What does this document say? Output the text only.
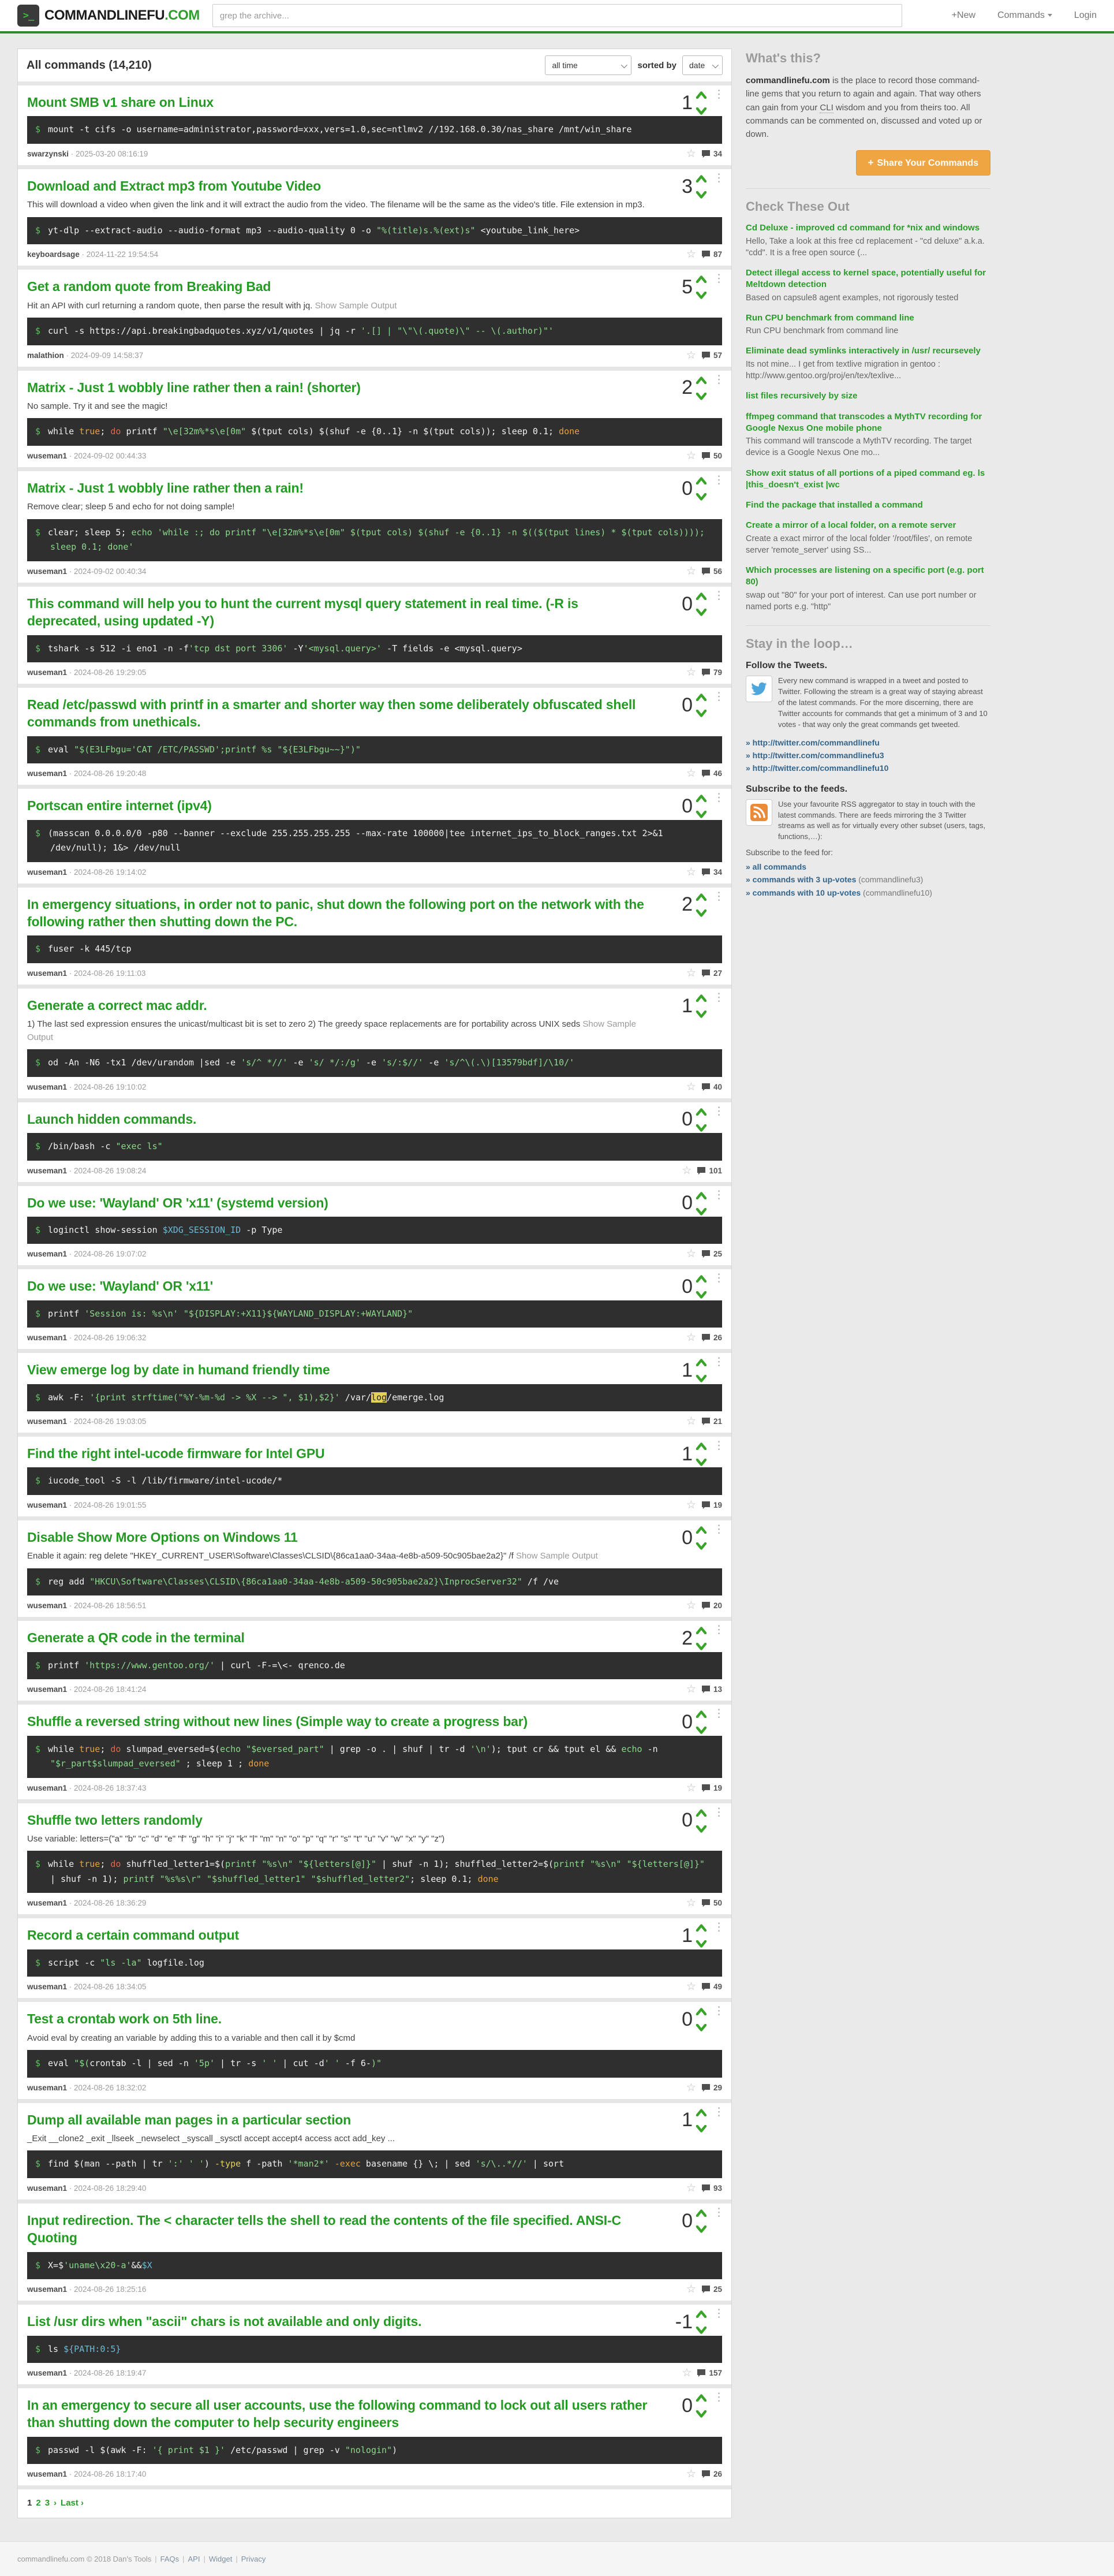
>_ COMMANDLINEFU.COM
grep the archive...	+New Commands	Login
All commands (14,210)	all time	sorted by	date
1 ⋮
Mount SMB v1 share on Linux
$ mount -t cifs -o username=administrator,password=xxx,vers=1.0,sec=ntlmv2 //192.168.0.30/nas_share /mnt/win_share
swarzynski · 2025-03-20 08:16:19	☆ 34
3 ⋮
Download and Extract mp3 from Youtube Video

This will download a video when given the link and it will extract the audio from the video. The filename will be the same as the video's title. File extension in mp3.

$ yt-dlp --extract-audio --audio-format mp3 --audio-quality 0 -o "%(title)s.%(ext)s" <youtube_link_here>
keyboardsage · 2024-11-22 19:54:54	☆ 87
5 ⋮
Get a random quote from Breaking Bad

Hit an API with curl returning a random quote, then parse the result with jq. Show Sample Output

$ curl -s https://api.breakingbadquotes.xyz/v1/quotes | jq -r '.[] | "\"\(.quote)\" -- \(.author)"'
malathion · 2024-09-09 14:58:37	☆ 57
2 ⋮
Matrix - Just 1 wobbly line rather then a rain! (shorter)

No sample. Try it and see the magic!

$ while true; do printf "\e[32m%*s\e[0m" $(tput cols) $(shuf -e {0..1} -n $(tput cols)); sleep 0.1; done
wuseman1 · 2024-09-02 00:44:33	☆ 50
0 ⋮
Matrix - Just 1 wobbly line rather then a rain!

Remove clear; sleep 5 and echo for not doing sample!

$ clear; sleep 5; echo 'while :; do printf "\e[32m%*s\e[0m" $(tput cols) $(shuf -e {0..1} -n $(($(tput lines) * $(tput cols)))); sleep 0.1; done'
wuseman1 · 2024-09-02 00:40:34	☆ 56
0 ⋮
This command will help you to hunt the current mysql query statement in real time. (-R is deprecated, using updated -Y)
$ tshark -s 512 -i eno1 -n -f'tcp dst port 3306' -Y'<mysql.query>' -T fields -e <mysql.query>
wuseman1 · 2024-08-26 19:29:05	☆ 79
0 ⋮
Read /etc/passwd with printf in a smarter and shorter way then some deliberately obfuscated shell commands from unethicals.
$ eval "$(E3LFbgu='CAT /ETC/PASSWD';printf %s "${E3LFbgu~~}")"
wuseman1 · 2024-08-26 19:20:48	☆ 46
0 ⋮
Portscan entire internet (ipv4)
$ (masscan 0.0.0.0/0 -p80 --banner --exclude 255.255.255.255 --max-rate 100000|tee internet_ips_to_block_ranges.txt 2>&1 /dev/null); 1&> /dev/null
wuseman1 · 2024-08-26 19:14:02	☆ 34
2 ⋮
In emergency situations, in order not to panic, shut down the following port on the network with the following rather then shutting down the PC.
$ fuser -k 445/tcp
wuseman1 · 2024-08-26 19:11:03	☆ 27
1 ⋮
Generate a correct mac addr.

1) The last sed expression ensures the unicast/multicast bit is set to zero 2) The greedy space replacements are for portability across UNIX seds Show Sample Output

$ od -An -N6 -tx1 /dev/urandom |sed -e 's/^ *//' -e 's/ */:/g' -e 's/:$//' -e 's/^\(.\)[13579bdf]/\10/'
wuseman1 · 2024-08-26 19:10:02	☆ 40
0 ⋮
Launch hidden commands.
$ /bin/bash -c "exec ls"
wuseman1 · 2024-08-26 19:08:24	☆ 101
0 ⋮
Do we use: 'Wayland' OR 'x11' (systemd version)
$ loginctl show-session $XDG_SESSION_ID -p Type
wuseman1 · 2024-08-26 19:07:02	☆ 25
0 ⋮
Do we use: 'Wayland' OR 'x11'
$ printf 'Session is: %s\n' "${DISPLAY:+X11}${WAYLAND_DISPLAY:+WAYLAND}"
wuseman1 · 2024-08-26 19:06:32	☆ 26
1 ⋮
View emerge log by date in humand friendly time
$ awk -F: '{print strftime("%Y-%m-%d -> %X --> ", $1),$2}' /var/log/emerge.log
wuseman1 · 2024-08-26 19:03:05	☆ 21
1 ⋮
Find the right intel-ucode firmware for Intel GPU
$ iucode_tool -S -l /lib/firmware/intel-ucode/*
wuseman1 · 2024-08-26 19:01:55	☆ 19
0 ⋮
Disable Show More Options on Windows 11

Enable it again: reg delete "HKEY_CURRENT_USER\Software\Classes\CLSID\{86ca1aa0-34aa-4e8b-a509-50c905bae2a2}" /f Show Sample Output

$ reg add "HKCU\Software\Classes\CLSID\{86ca1aa0-34aa-4e8b-a509-50c905bae2a2}\InprocServer32" /f /ve
wuseman1 · 2024-08-26 18:56:51	☆ 20
2 ⋮
Generate a QR code in the terminal
$ printf 'https://www.gentoo.org/' | curl -F-=\<- qrenco.de
wuseman1 · 2024-08-26 18:41:24	☆ 13
0 ⋮
Shuffle a reversed string without new lines (Simple way to create a progress bar)
$ while true; do slumpad_eversed=$(echo "$eversed_part" | grep -o . | shuf | tr -d '\n'); tput cr && tput el && echo -n "$r_part$slumpad_eversed" ; sleep 1 ; done
wuseman1 · 2024-08-26 18:37:43	☆ 19
0 ⋮
Shuffle two letters randomly

Use variable: letters=("a" "b" "c" "d" "e" "f" "g" "h" "i" "j" "k" "l" "m" "n" "o" "p" "q" "r" "s" "t" "u" "v" "w" "x" "y" "z")

$ while true; do shuffled_letter1=$(printf "%s\n" "${letters[@]}" | shuf -n 1); shuffled_letter2=$(printf "%s\n" "${letters[@]}" | shuf -n 1); printf "%s%s\r" "$shuffled_letter1" "$shuffled_letter2"; sleep 0.1; done
wuseman1 · 2024-08-26 18:36:29	☆ 50
1 ⋮
Record a certain command output
$ script -c "ls -la" logfile.log
wuseman1 · 2024-08-26 18:34:05	☆ 49
0 ⋮
Test a crontab work on 5th line.

Avoid eval by creating an variable by adding this to a variable and then call it by $cmd

$ eval "$(crontab -l | sed -n '5p' | tr -s ' ' | cut -d' ' -f 6-)"
wuseman1 · 2024-08-26 18:32:02	☆ 29
1 ⋮
Dump all available man pages in a particular section

_Exit __clone2 _exit _llseek _newselect _syscall _sysctl accept accept4 access acct add_key ...

$ find $(man --path | tr ':' ' ') -type f -path '*man2*' -exec basename {} \; | sed 's/\..*//' | sort
wuseman1 · 2024-08-26 18:29:40	☆ 93
0 ⋮
Input redirection. The < character tells the shell to read the contents of the file specified. ANSI-C Quoting
$ X=$'uname\x20-a'&&$X
wuseman1 · 2024-08-26 18:25:16	☆ 25
-1 ⋮
List /usr dirs when "ascii" chars is not available and only digits.
$ ls ${PATH:0:5}
wuseman1 · 2024-08-26 18:19:47	☆ 157
0 ⋮
In an emergency to secure all user accounts, use the following command to lock out all users rather than shutting down the computer to help security engineers
$ passwd -l $(awk -F: '{ print $1 }' /etc/passwd | grep -v "nologin")
wuseman1 · 2024-08-26 18:17:40	☆ 26
1 2 3 › Last ›
What's this?

commandlinefu.com is the place to record those command-line gems that you return to again and again. That way others can gain from your CLI wisdom and you from theirs too. All commands can be commented on, discussed and voted up or down.

+ Share Your Commands
Check These Out
Cd Deluxe - improved cd command for *nix and windows
Hello, Take a look at this free cd replacement - "cd deluxe" a.k.a. "cdd". It is a free open source (...
Detect illegal access to kernel space, potentially useful for Meltdown detection
Based on capsule8 agent examples, not rigorously tested
Run CPU benchmark from command line
Run CPU benchmark from command line
Eliminate dead symlinks interactively in /usr/ recursevely
Its not mine... I get from textlive migration in gentoo : http://www.gentoo.org/proj/en/tex/texlive...
list files recursively by size
ffmpeg command that transcodes a MythTV recording for Google Nexus One mobile phone
This command will transcode a MythTV recording. The target device is a Google Nexus One mo...
Show exit status of all portions of a piped command eg. ls |this_doesn't_exist |wc
Find the package that installed a command
Create a mirror of a local folder, on a remote server
Create a exact mirror of the local folder '/root/files', on remote server 'remote_server' using SS...
Which processes are listening on a specific port (e.g. port 80)
swap out "80" for your port of interest. Can use port number or named ports e.g. "http"
Stay in the loop…
Follow the Tweets.
Every new command is wrapped in a tweet and posted to Twitter. Following the stream is a great way of staying abreast of the latest commands. For the more discerning, there are Twitter accounts for commands that get a minimum of 3 and 10 votes - that way only the great commands get tweeted.
» http://twitter.com/commandlinefu
» http://twitter.com/commandlinefu3
» http://twitter.com/commandlinefu10
Subscribe to the feeds.
Use your favourite RSS aggregator to stay in touch with the latest commands. There are feeds mirroring the 3 Twitter streams as well as for virtually every other subset (users, tags, functions,…):
Subscribe to the feed for:
» all commands
» commands with 3 up-votes (commandlinefu3)
» commands with 10 up-votes (commandlinefu10)
commandlinefu.com © 2018 Dan's Tools | FAQs | API | Widget | Privacy
